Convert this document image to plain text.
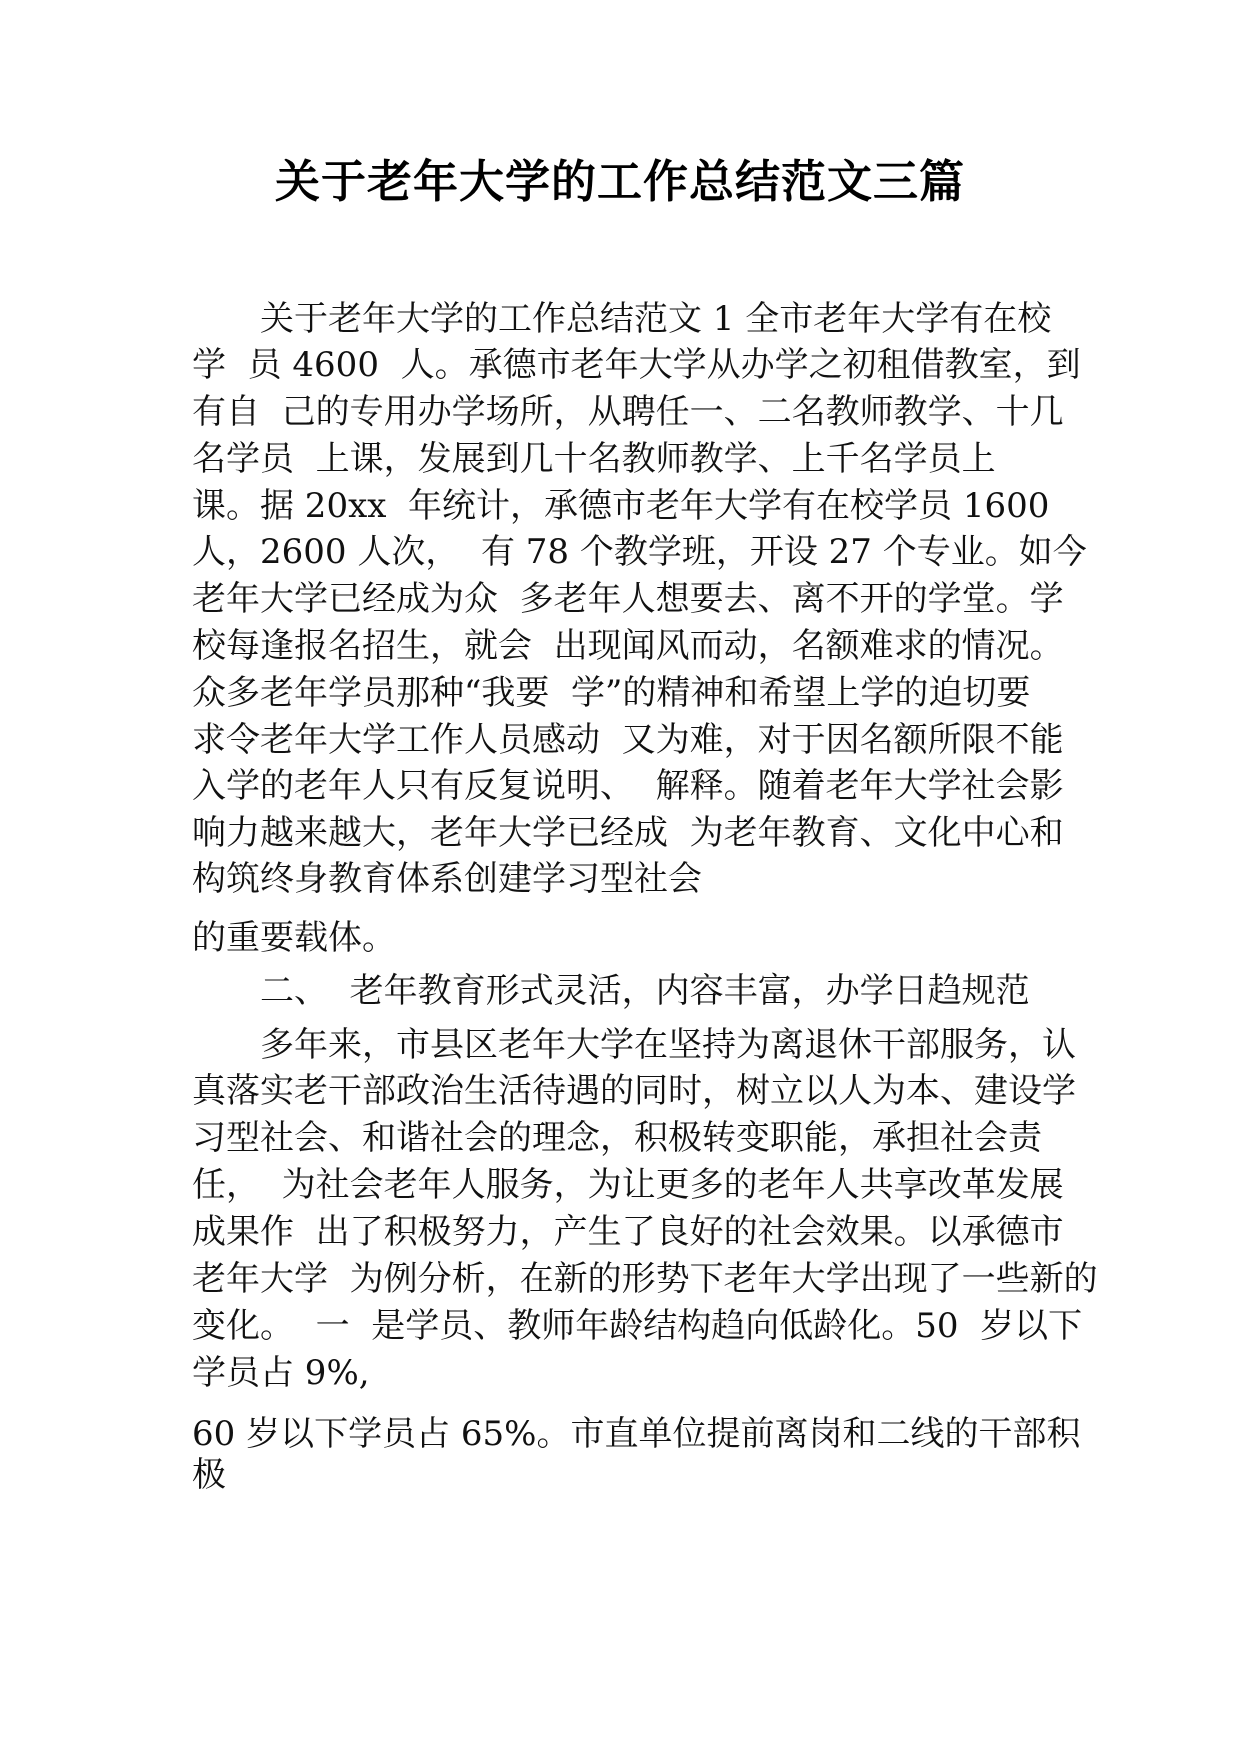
关于老年大学的工作总结范文三篇
　　关于老年大学的工作总结范文 1 全市老年大学有在校
学  员 4600  人。承德市老年大学从办学之初租借教室，到
有自  己的专用办学场所，从聘任一、二名教师教学、十几
名学员  上课，发展到几十名教师教学、上千名学员上
课。据 20xx  年统计，承德市老年大学有在校学员 1600
人，2600 人次，  有 78 个教学班，开设 27 个专业。如今
老年大学已经成为众  多老年人想要去、离不开的学堂。学
校每逢报名招生，就会  出现闻风而动，名额难求的情况。
众多老年学员那种“我要  学”的精神和希望上学的迫切要
求令老年大学工作人员感动  又为难，对于因名额所限不能
入学的老年人只有反复说明、  解释。随着老年大学社会影
响力越来越大，老年大学已经成  为老年教育、文化中心和
构筑终身教育体系创建学习型社会
的重要载体。
　　二、  老年教育形式灵活，内容丰富，办学日趋规范
　　多年来，市县区老年大学在坚持为离退休干部服务，认
真落实老干部政治生活待遇的同时，树立以人为本、建设学
习型社会、和谐社会的理念，积极转变职能，承担社会责
任，  为社会老年人服务，为让更多的老年人共享改革发展
成果作  出了积极努力，产生了良好的社会效果。以承德市
老年大学  为例分析，在新的形势下老年大学出现了一些新的
变化。  一  是学员、教师年龄结构趋向低龄化。50  岁以下
学员占 9%,
60 岁以下学员占 65%。市直单位提前离岗和二线的干部积
极
